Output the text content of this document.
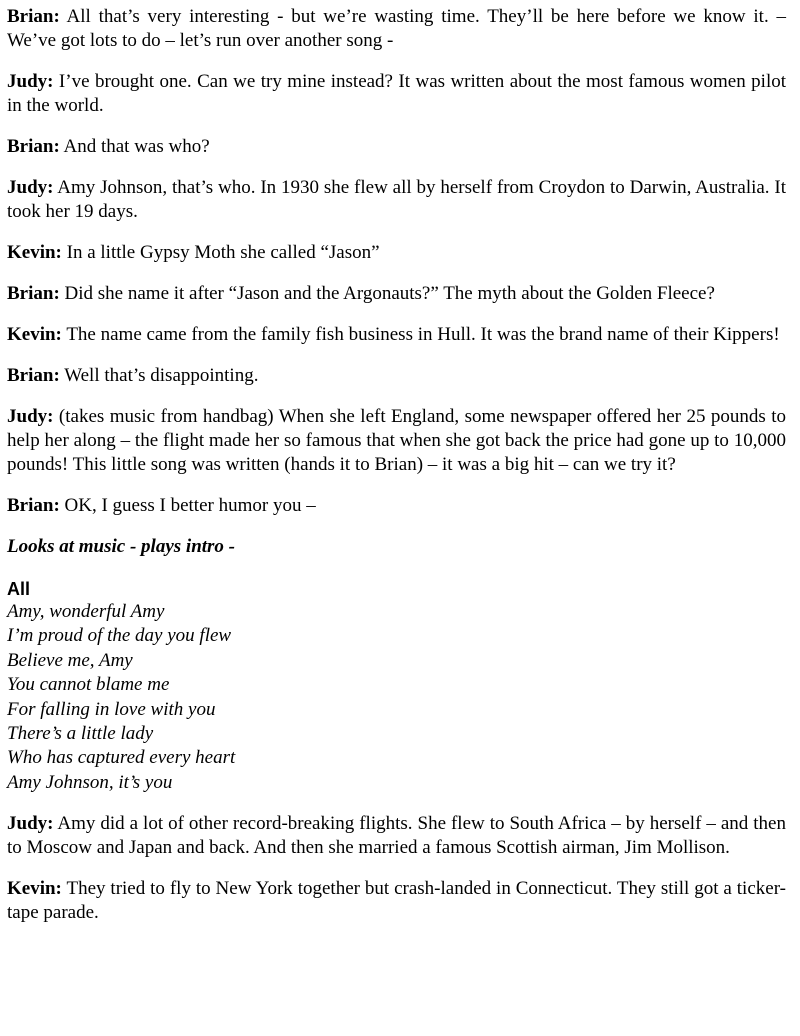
Brian: All that’s very interesting - but we’re wasting time. They’ll be here before we know it. – We’ve got lots to do – let’s run over another song -

Judy: I’ve brought one. Can we try mine instead? It was written about the most famous women pilot in the world.

Brian: And that was who?

Judy: Amy Johnson, that’s who. In 1930 she flew all by herself from Croydon to Darwin, Australia. It took her 19 days.

Kevin: In a little Gypsy Moth she called “Jason”

Brian: Did she name it after “Jason and the Argonauts?” The myth about the Golden Fleece?

Kevin: The name came from the family fish business in Hull. It was the brand name of their Kippers!

Brian: Well that’s disappointing.

Judy: (takes music from handbag) When she left England, some newspaper offered her 25 pounds to help her along – the flight made her so famous that when she got back the price had gone up to 10,000 pounds! This little song was written (hands it to Brian) – it was a big hit – can we try it?

Brian: OK, I guess I better humor you –

Looks at music - plays intro -

All

Amy, wonderful Amy
I’m proud of the day you flew
Believe me, Amy
You cannot blame me
For falling in love with you
There’s a little lady
Who has captured every heart
Amy Johnson, it’s you

Judy: Amy did a lot of other record-breaking flights. She flew to South Africa – by herself – and then to Moscow and Japan and back. And then she married a famous Scottish airman, Jim Mollison.

Kevin: They tried to fly to New York together but crash-landed in Connecticut. They still got a ticker-tape parade.
